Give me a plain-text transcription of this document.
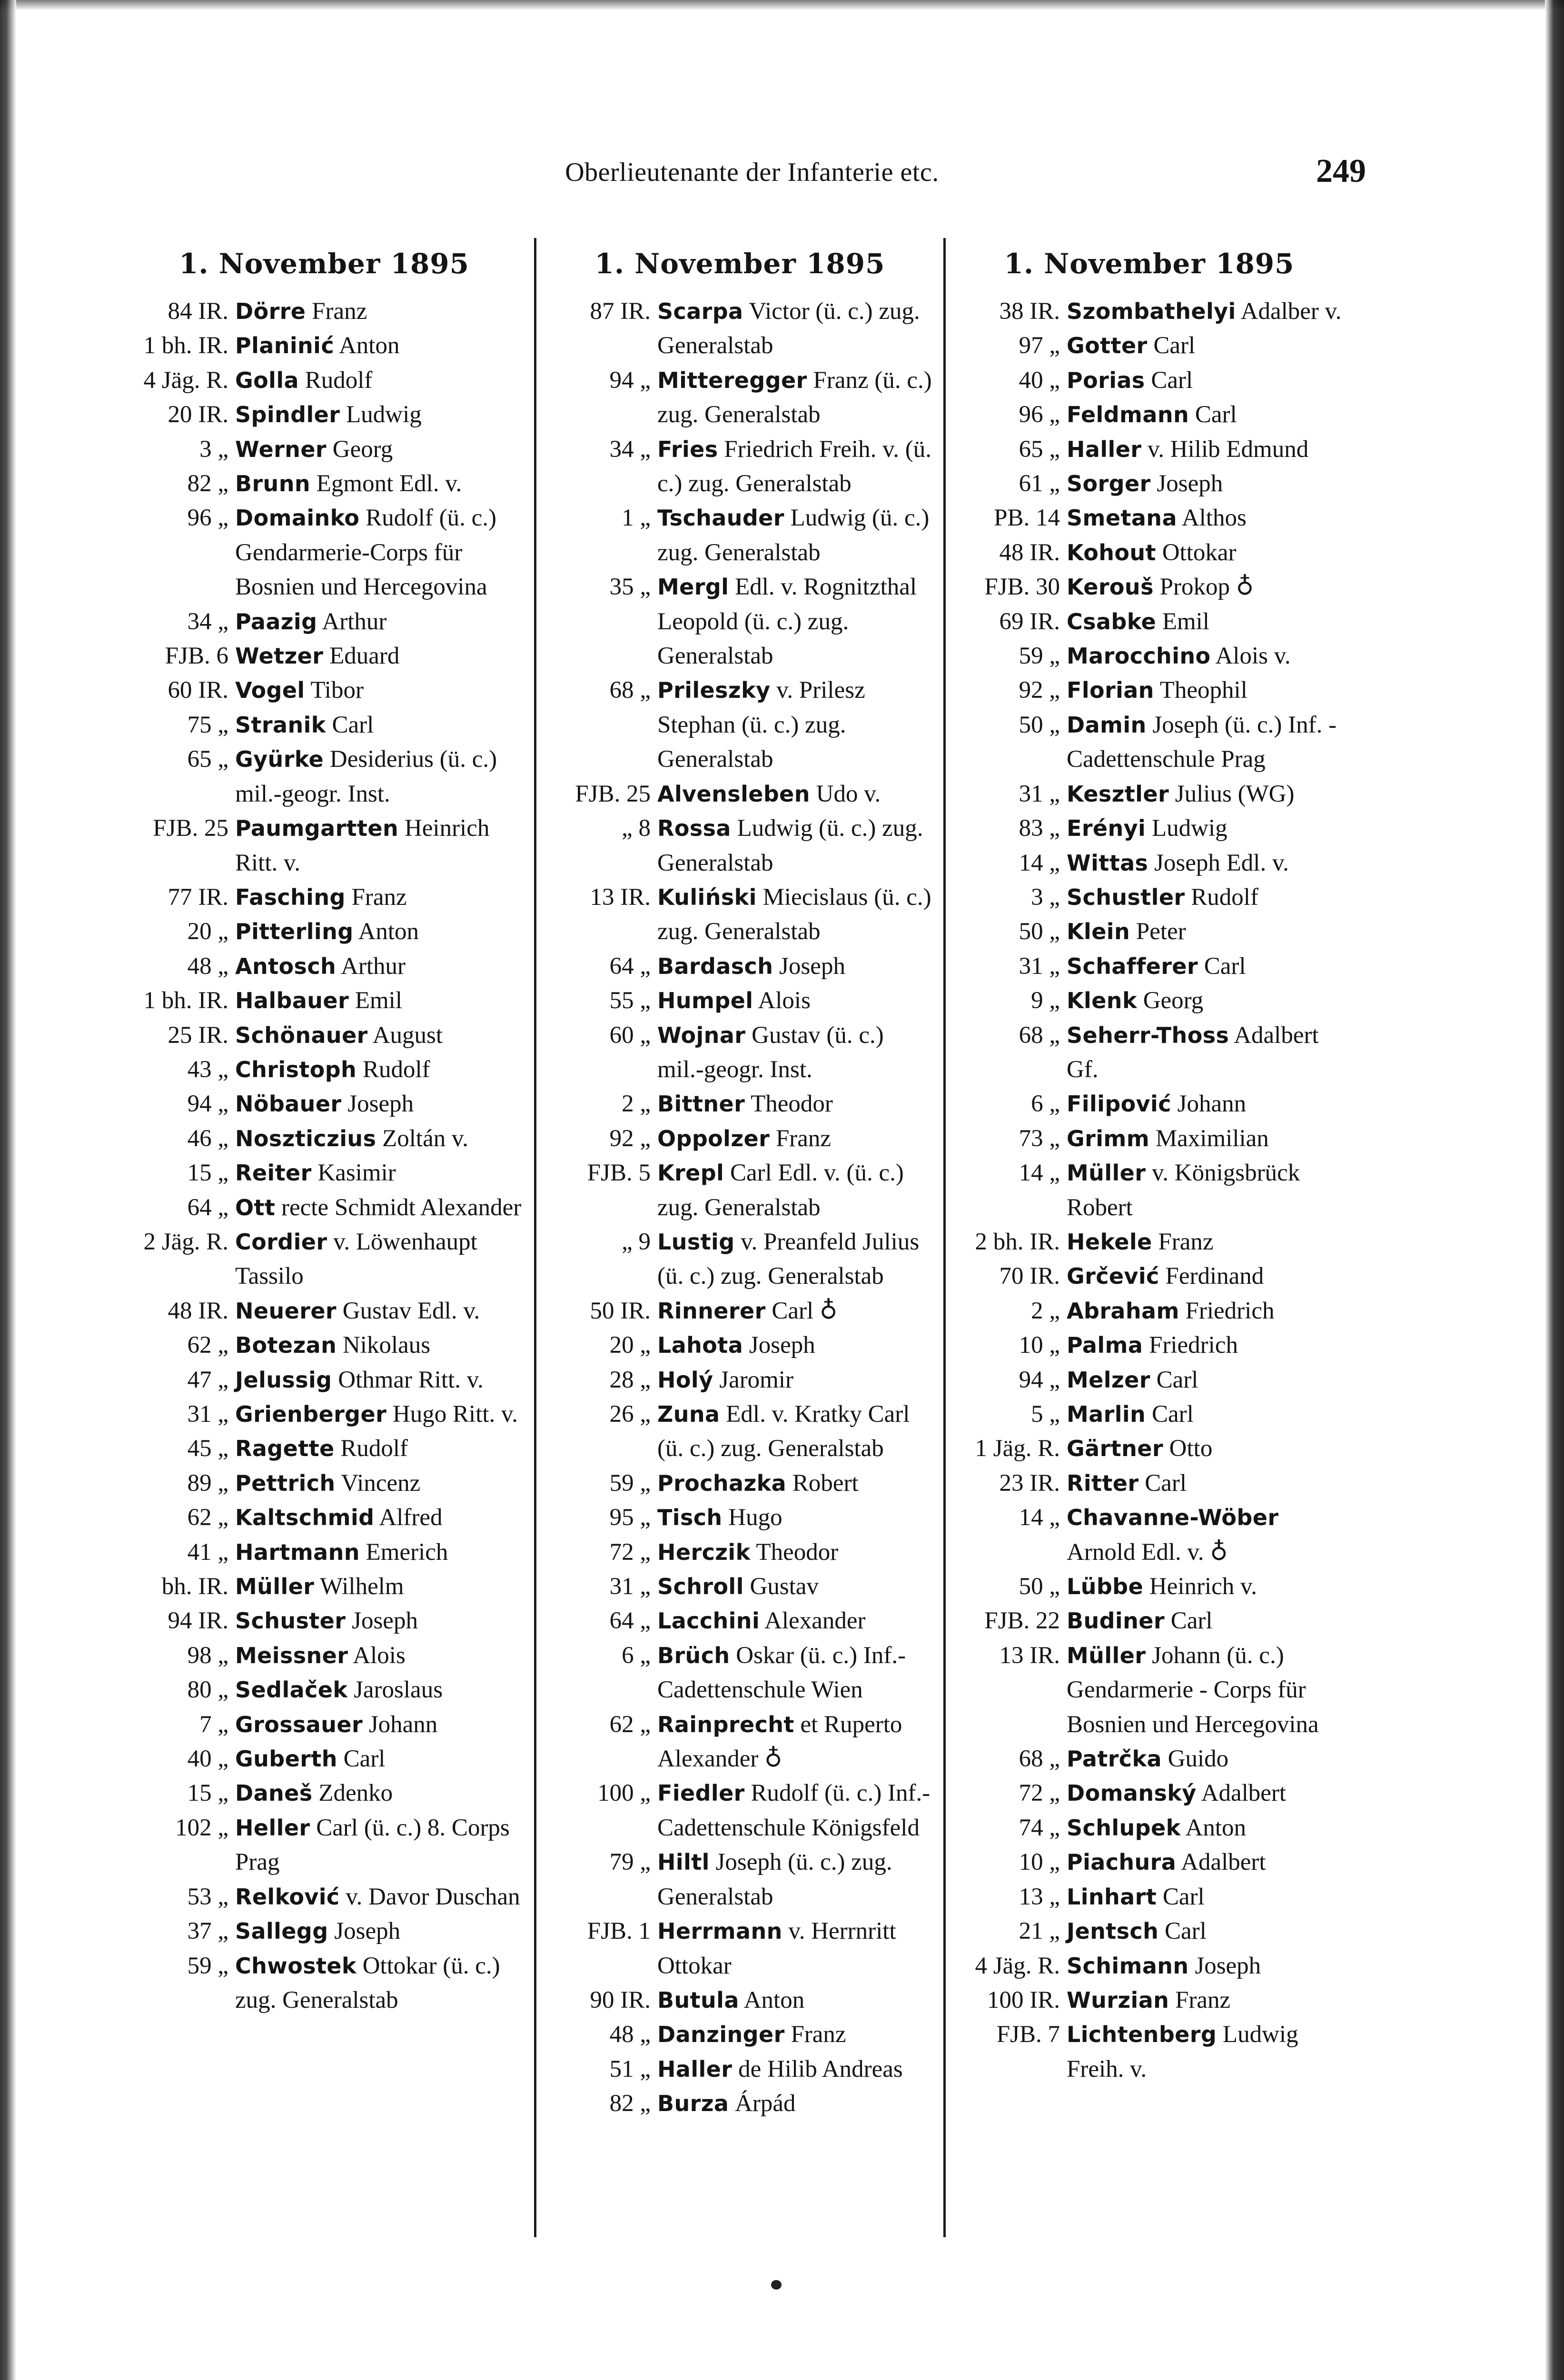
Oberlieutenante der Infanterie etc.	249
1. November 1895
84 IR. Dörre Franz
1 bh. IR. Planinić Anton
4 Jäg. R. Golla Rudolf
20 IR. Spindler Ludwig
3 „ Werner Georg
82 „ Brunn Egmont Edl. v.
96 „ Domainko Rudolf (ü. c.) Gendarmerie-Corps für Bosnien und Hercegovina
34 „ Paazig Arthur
FJB. 6 Wetzer Eduard
60 IR. Vogel Tibor
75 „ Stranik Carl
65 „ Gyürke Desiderius (ü. c.) mil.-geogr. Inst.
FJB. 25 Paumgartten Heinrich Ritt. v.
77 IR. Fasching Franz
20 „ Pitterling Anton
48 „ Antosch Arthur
1 bh. IR. Halbauer Emil
25 IR. Schönauer August
43 „ Christoph Rudolf
94 „ Nöbauer Joseph
46 „ Noszticzius Zoltán v.
15 „ Reiter Kasimir
64 „ Ott recte Schmidt Alexander
2 Jäg. R. Cordier v. Löwenhaupt Tassilo
48 IR. Neuerer Gustav Edl. v.
62 „ Botezan Nikolaus
47 „ Jelussig Othmar Ritt. v.
31 „ Grienberger Hugo Ritt. v.
45 „ Ragette Rudolf
89 „ Pettrich Vincenz
62 „ Kaltschmid Alfred
41 „ Hartmann Emerich
bh. IR. Müller Wilhelm
94 IR. Schuster Joseph
98 „ Meissner Alois
80 „ Sedlaček Jaroslaus
7 „ Grossauer Johann
40 „ Guberth Carl
15 „ Daneš Zdenko
102 „ Heller Carl (ü. c.) 8. Corps Prag
53 „ Relković v. Davor Duschan
37 „ Sallegg Joseph
59 „ Chwostek Ottokar (ü. c.) zug. Generalstab
1. November 1895
87 IR. Scarpa Victor (ü. c.) zug. Generalstab
94 „ Mitteregger Franz (ü. c.) zug. Generalstab
34 „ Fries Friedrich Freih. v. (ü. c.) zug. Generalstab
1 „ Tschauder Ludwig (ü. c.) zug. Generalstab
35 „ Mergl Edl. v. Rognitzthal Leopold (ü. c.) zug. Generalstab
68 „ Prileszky v. Prilesz Stephan (ü. c.) zug. Generalstab
FJB. 25 Alvensleben Udo v.
„ 8 Rossa Ludwig (ü. c.) zug. Generalstab
13 IR. Kuliński Miecislaus (ü. c.) zug. Generalstab
64 „ Bardasch Joseph
55 „ Humpel Alois
60 „ Wojnar Gustav (ü. c.) mil.-geogr. Inst.
2 „ Bittner Theodor
92 „ Oppolzer Franz
FJB. 5 Krepl Carl Edl. v. (ü. c.) zug. Generalstab
„ 9 Lustig v. Preanfeld Julius (ü. c.) zug. Generalstab
50 IR. Rinnerer Carl ♁
20 „ Lahota Joseph
28 „ Holý Jaromir
26 „ Zuna Edl. v. Kratky Carl (ü. c.) zug. Generalstab
59 „ Prochazka Robert
95 „ Tisch Hugo
72 „ Herczik Theodor
31 „ Schroll Gustav
64 „ Lacchini Alexander
6 „ Brüch Oskar (ü. c.) Inf.-Cadettenschule Wien
62 „ Rainprecht et Ruperto Alexander ♁
100 „ Fiedler Rudolf (ü. c.) Inf.-Cadettenschule Königsfeld
79 „ Hiltl Joseph (ü. c.) zug. Generalstab
FJB. 1 Herrmann v. Herrnritt Ottokar
90 IR. Butula Anton
48 „ Danzinger Franz
51 „ Haller de Hilib Andreas
82 „ Burza Árpád
1. November 1895
38 IR. Szombathelyi Adalber v.
97 „ Gotter Carl
40 „ Porias Carl
96 „ Feldmann Carl
65 „ Haller v. Hilib Edmund
61 „ Sorger Joseph
PB. 14 Smetana Althos
48 IR. Kohout Ottokar
FJB. 30 Kerouš Prokop ♁
69 IR. Csabke Emil
59 „ Marocchino Alois v.
92 „ Florian Theophil
50 „ Damin Joseph (ü. c.) Inf. - Cadettenschule Prag
31 „ Kesztler Julius (WG)
83 „ Erényi Ludwig
14 „ Wittas Joseph Edl. v.
3 „ Schustler Rudolf
50 „ Klein Peter
31 „ Schafferer Carl
9 „ Klenk Georg
68 „ Seherr-Thoss Adalbert Gf.
6 „ Filipović Johann
73 „ Grimm Maximilian
14 „ Müller v. Königsbrück Robert
2 bh. IR. Hekele Franz
70 IR. Grčević Ferdinand
2 „ Abraham Friedrich
10 „ Palma Friedrich
94 „ Melzer Carl
5 „ Marlin Carl
1 Jäg. R. Gärtner Otto
23 IR. Ritter Carl
14 „ Chavanne-Wöber Arnold Edl. v. ♁
50 „ Lübbe Heinrich v.
FJB. 22 Budiner Carl
13 IR. Müller Johann (ü. c.) Gendarmerie - Corps für Bosnien und Hercegovina
68 „ Patrčka Guido
72 „ Domanský Adalbert
74 „ Schlupek Anton
10 „ Piachura Adalbert
13 „ Linhart Carl
21 „ Jentsch Carl
4 Jäg. R. Schimann Joseph
100 IR. Wurzian Franz
FJB. 7 Lichtenberg Ludwig Freih. v.
